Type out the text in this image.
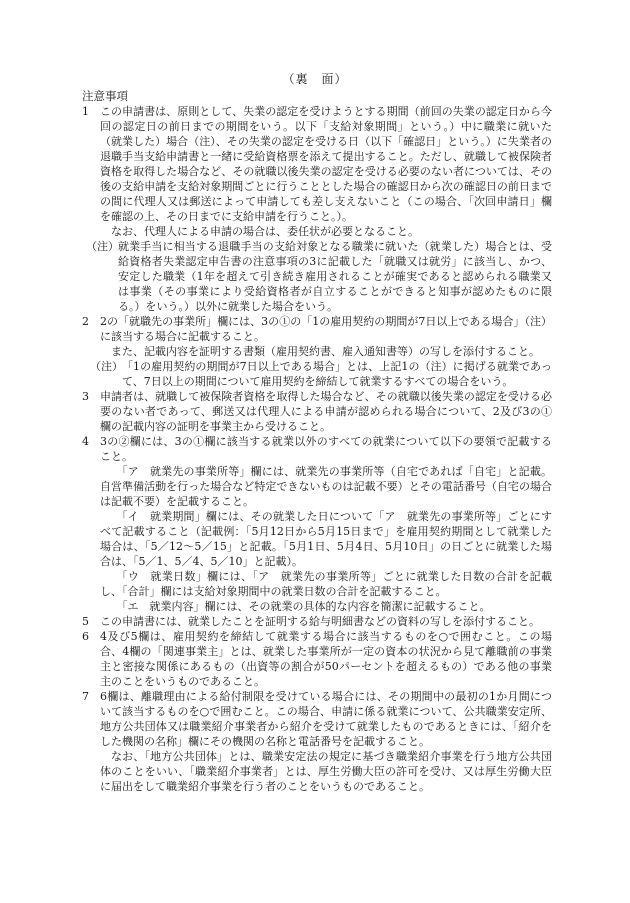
（裏　面）
注意事項
1	この申請書は、原則として、失業の認定を受けようとする期間（前回の失業の認定日から今回の認定日の前日までの期間をいう。以下「支給対象期間」という。）中に職業に就いた（就業した）場合（注）、その失業の認定を受ける日（以下「確認日」という。）に失業者の退職手当支給申請書と一緒に受給資格票を添えて提出すること。ただし、就職して被保険者資格を取得した場合など、その就職以後失業の認定を受ける必要のない者については、その後の支給申請を支給対象期間ごとに行うこととした場合の確認日から次の確認日の前日までの間に代理人又は郵送によって申請しても差し支えないこと（この場合、「次回申請日」欄を確認の上、その日までに支給申請を行うこと。）。
なお、代理人による申請の場合は、委任状が必要となること。
（注） 就業手当に相当する退職手当の支給対象となる職業に就いた（就業した）場合とは、受給資格者失業認定申告書の注意事項の3に記載した「就職又は就労」に該当し、かつ、安定した職業（1年を超えて引き続き雇用されることが確実であると認められる職業又は事業（その事業により受給資格者が自立することができると知事が認めたものに限る。）をいう。）以外に就業した場合をいう。
2	2の「就職先の事業所」欄には、3の①の「1の雇用契約の期間が7日以上である場合」（注）に該当する場合に記載すること。
また、記載内容を証明する書類（雇用契約書、雇入通知書等）の写しを添付すること。
（注） 「1の雇用契約の期間が7日以上である場合」とは、上記1の（注）に掲げる就業であって、7日以上の期間について雇用契約を締結して就業するすべての場合をいう。
3	申請者は、就職して被保険者資格を取得した場合など、その就職以後失業の認定を受ける必要のない者であって、郵送又は代理人による申請が認められる場合について、2及び3の①欄の記載内容の証明を事業主から受けること。
4	3の②欄には、3の①欄に該当する就業以外のすべての就業について以下の要領で記載すること。
「ア　就業先の事業所等」欄には、就業先の事業所等（自宅であれば「自宅」と記載。自営準備活動を行った場合など特定できないものは記載不要）とその電話番号（自宅の場合は記載不要）を記載すること。
「イ　就業期間」欄には、その就業した日について「ア　就業先の事業所等」ごとにすべて記載すること（記載例：「5月12日から5月15日まで」を雇用契約期間として就業した場合は、「5／12～5／15」と記載。「5月1日、5月4日、5月10日」の日ごとに就業した場合は、「5／1、5／4、5／10」と記載）。
「ウ　就業日数」欄には、「ア　就業先の事業所等」ごとに就業した日数の合計を記載し、「合計」欄には支給対象期間中の就業日数の合計を記載すること。
「エ　就業内容」欄には、その就業の具体的な内容を簡潔に記載すること。
5	この申請書には、就業したことを証明する給与明細書などの資料の写しを添付すること。
6	4及び5欄は、雇用契約を締結して就業する場合に該当するものを○で囲むこと。この場合、4欄の「関連事業主」とは、就業した事業所が一定の資本の状況から見て離職前の事業主と密接な関係にあるもの（出資等の割合が50パーセントを超えるもの）である他の事業主のことをいうものであること。
7	6欄は、離職理由による給付制限を受けている場合には、その期間中の最初の1か月間について該当するものを○で囲むこと。この場合、申請に係る就業について、公共職業安定所、地方公共団体又は職業紹介事業者から紹介を受けて就業したものであるときには、「紹介をした機関の名称」欄にその機関の名称と電話番号を記載すること。
なお、「地方公共団体」とは、職業安定法の規定に基づき職業紹介事業を行う地方公共団体のことをいい、「職業紹介事業者」とは、厚生労働大臣の許可を受け、又は厚生労働大臣に届出をして職業紹介事業を行う者のことをいうものであること。
